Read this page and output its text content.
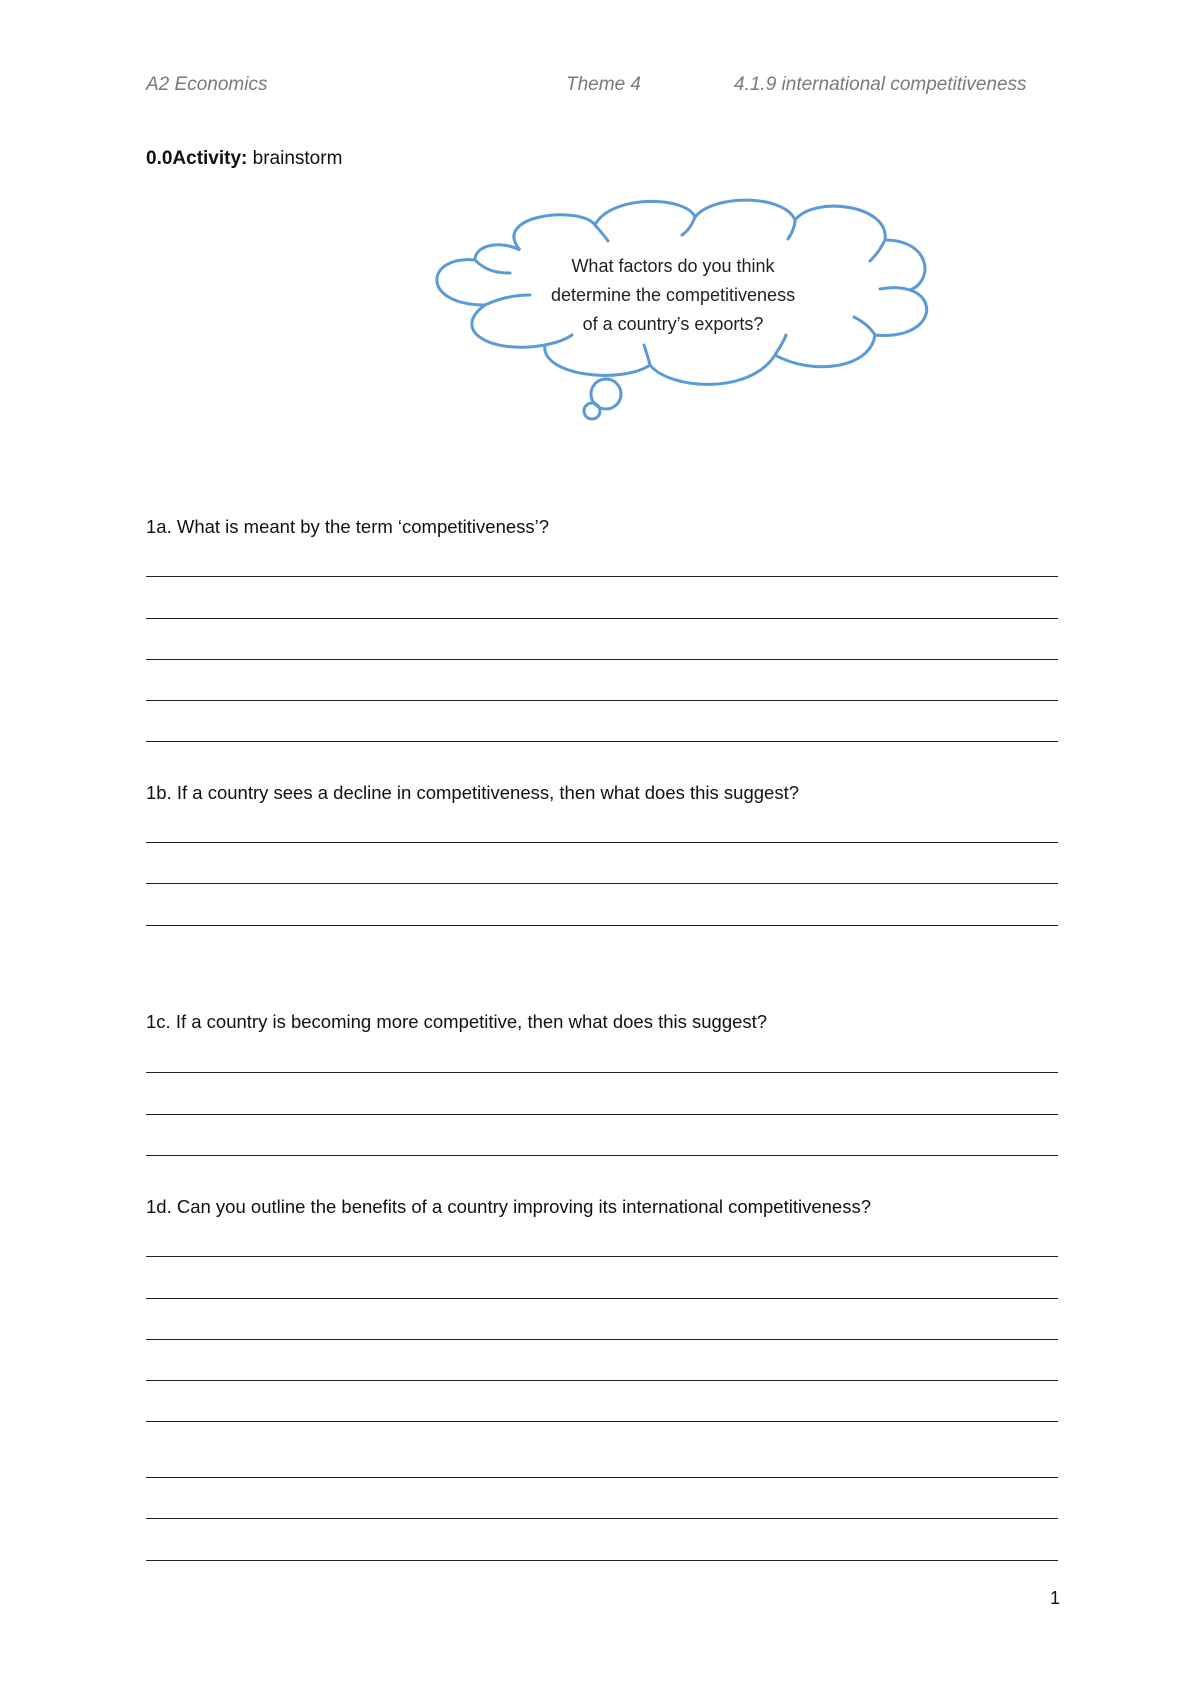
A2 Economics	Theme 4	4.1.9 international competitiveness
0.0Activity: brainstorm
What factors do you think
determine the competitiveness
of a country’s exports?
1a. What is meant by the term ‘competitiveness’?
1b. If a country sees a decline in competitiveness, then what does this suggest?
1c. If a country is becoming more competitive, then what does this suggest?
1d. Can you outline the benefits of a country improving its international competitiveness?
1
